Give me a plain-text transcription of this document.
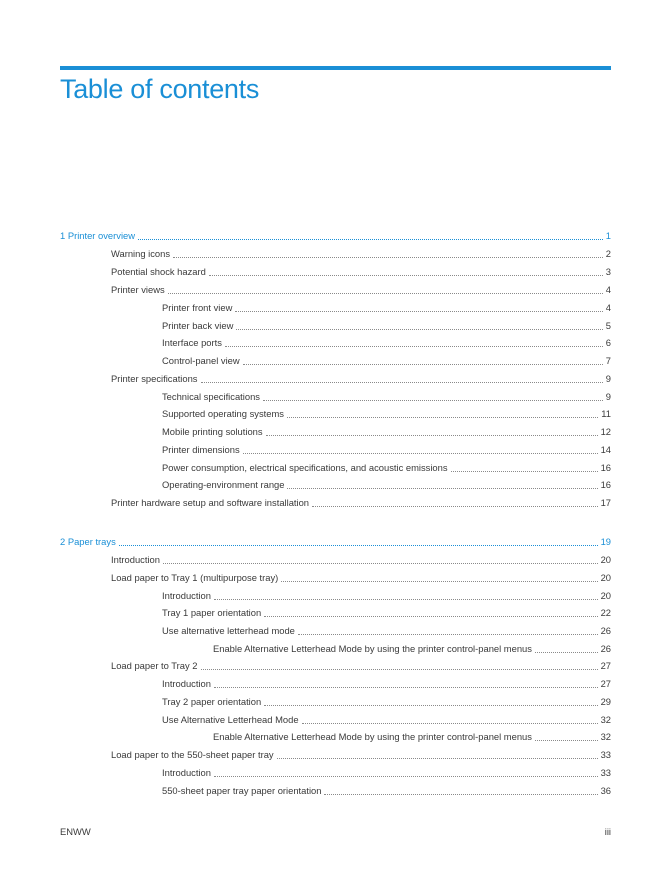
Table of contents
1 Printer overview	1
Warning icons	2
Potential shock hazard	3
Printer views	4
Printer front view	4
Printer back view	5
Interface ports	6
Control-panel view	7
Printer specifications	9
Technical specifications	9
Supported operating systems	11
Mobile printing solutions	12
Printer dimensions	14
Power consumption, electrical specifications, and acoustic emissions	16
Operating-environment range	16
Printer hardware setup and software installation	17
2 Paper trays	19
Introduction	20
Load paper to Tray 1 (multipurpose tray)	20
Introduction	20
Tray 1 paper orientation	22
Use alternative letterhead mode	26
Enable Alternative Letterhead Mode by using the printer control-panel menus	26
Load paper to Tray 2	27
Introduction	27
Tray 2 paper orientation	29
Use Alternative Letterhead Mode	32
Enable Alternative Letterhead Mode by using the printer control-panel menus	32
Load paper to the 550-sheet paper tray	33
Introduction	33
550-sheet paper tray paper orientation	36
ENWW	iii
